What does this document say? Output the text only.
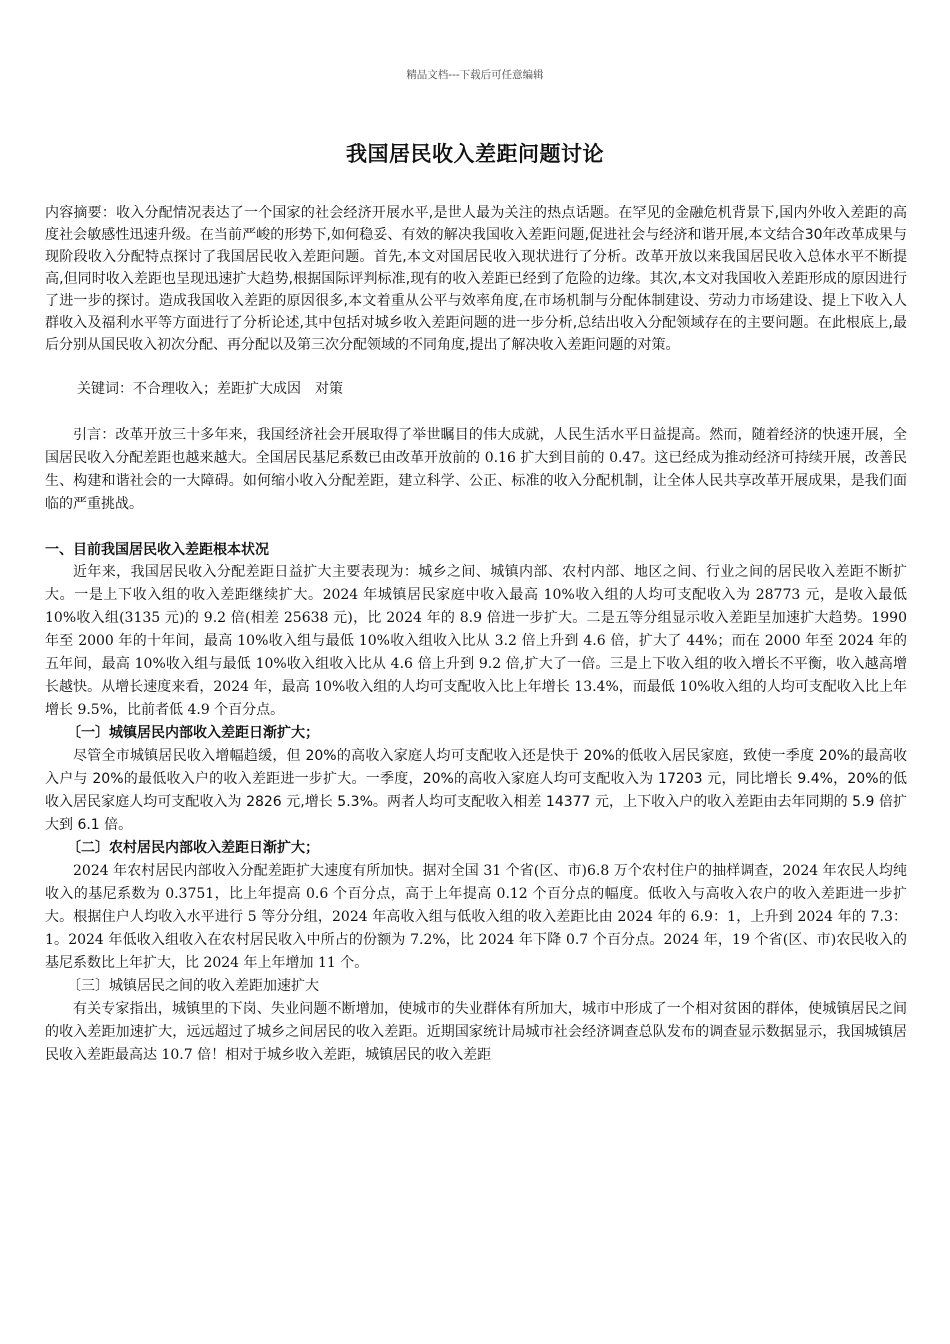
精品文档---下载后可任意编辑
我国居民收入差距问题讨论

内容摘要：收入分配情况表达了一个国家的社会经济开展水平,是世人最为关注的热点话题。在罕见的金融危机背景下,国内外收入差距的高度社会敏感性迅速升级。在当前严峻的形势下,如何稳妥、有效的解决我国收入差距问题,促进社会与经济和谐开展,本文结合30年改革成果与现阶段收入分配特点探讨了我国居民收入差距问题。首先,本文对国居民收入现状进行了分析。改革开放以来我国居民收入总体水平不断提高,但同时收入差距也呈现迅速扩大趋势,根据国际评判标准,现有的收入差距已经到了危险的边缘。其次,本文对我国收入差距形成的原因进行了进一步的探讨。造成我国收入差距的原因很多,本文着重从公平与效率角度,在市场机制与分配体制建设、劳动力市场建设、提上下收入人群收入及福利水平等方面进行了分析论述,其中包括对城乡收入差距问题的进一步分析,总结出收入分配领域存在的主要问题。在此根底上,最后分别从国民收入初次分配、再分配以及第三次分配领域的不同角度,提出了解决收入差距问题的对策。

关键词：不合理收入；差距扩大成因　对策

引言：改革开放三十多年来，我国经济社会开展取得了举世瞩目的伟大成就，人民生活水平日益提高。然而，随着经济的快速开展，全国居民收入分配差距也越来越大。全国居民基尼系数已由改革开放前的 0.16 扩大到目前的 0.47。这已经成为推动经济可持续开展，改善民生、构建和谐社会的一大障碍。如何缩小收入分配差距，建立科学、公正、标准的收入分配机制，让全体人民共享改革开展成果，是我们面临的严重挑战。

一、目前我国居民收入差距根本状况

近年来，我国居民收入分配差距日益扩大主要表现为：城乡之间、城镇内部、农村内部、地区之间、行业之间的居民收入差距不断扩大。一是上下收入组的收入差距继续扩大。2024 年城镇居民家庭中收入最高 10%收入组的人均可支配收入为 28773 元，是收入最低 10%收入组(3135 元)的 9.2 倍(相差 25638 元)，比 2024 年的 8.9 倍进一步扩大。二是五等分组显示收入差距呈加速扩大趋势。1990 年至 2000 年的十年间，最高 10%收入组与最低 10%收入组收入比从 3.2 倍上升到 4.6 倍，扩大了 44%；而在 2000 年至 2024 年的五年间，最高 10%收入组与最低 10%收入组收入比从 4.6 倍上升到 9.2 倍,扩大了一倍。三是上下收入组的收入增长不平衡，收入越高增长越快。从增长速度来看，2024 年，最高 10%收入组的人均可支配收入比上年增长 13.4%，而最低 10%收入组的人均可支配收入比上年增长 9.5%，比前者低 4.9 个百分点。

〔一〕城镇居民内部收入差距日渐扩大；

尽管全市城镇居民收入增幅趋缓，但 20%的高收入家庭人均可支配收入还是快于 20%的低收入居民家庭，致使一季度 20%的最高收入户与 20%的最低收入户的收入差距进一步扩大。一季度，20%的高收入家庭人均可支配收入为 17203 元，同比增长 9.4%，20%的低收入居民家庭人均可支配收入为 2826 元,增长 5.3%。两者人均可支配收入相差 14377 元，上下收入户的收入差距由去年同期的 5.9 倍扩大到 6.1 倍。

〔二〕农村居民内部收入差距日渐扩大；

2024 年农村居民内部收入分配差距扩大速度有所加快。据对全国 31 个省(区、市)6.8 万个农村住户的抽样调查，2024 年农民人均纯收入的基尼系数为 0.3751，比上年提高 0.6 个百分点，高于上年提高 0.12 个百分点的幅度。低收入与高收入农户的收入差距进一步扩大。根据住户人均收入水平进行 5 等分分组，2024 年高收入组与低收入组的收入差距比由 2024 年的 6.9：1，上升到 2024 年的 7.3：1。2024 年低收入组收入在农村居民收入中所占的份额为 7.2%，比 2024 年下降 0.7 个百分点。2024 年，19 个省(区、市)农民收入的基尼系数比上年扩大，比 2024 年上年增加 11 个。

〔三〕城镇居民之间的收入差距加速扩大

有关专家指出，城镇里的下岗、失业问题不断增加，使城市的失业群体有所加大，城市中形成了一个相对贫困的群体，使城镇居民之间的收入差距加速扩大，远远超过了城乡之间居民的收入差距。近期国家统计局城市社会经济调查总队发布的调查显示数据显示，我国城镇居民收入差距最高达 10.7 倍！相对于城乡收入差距，城镇居民的收入差距
